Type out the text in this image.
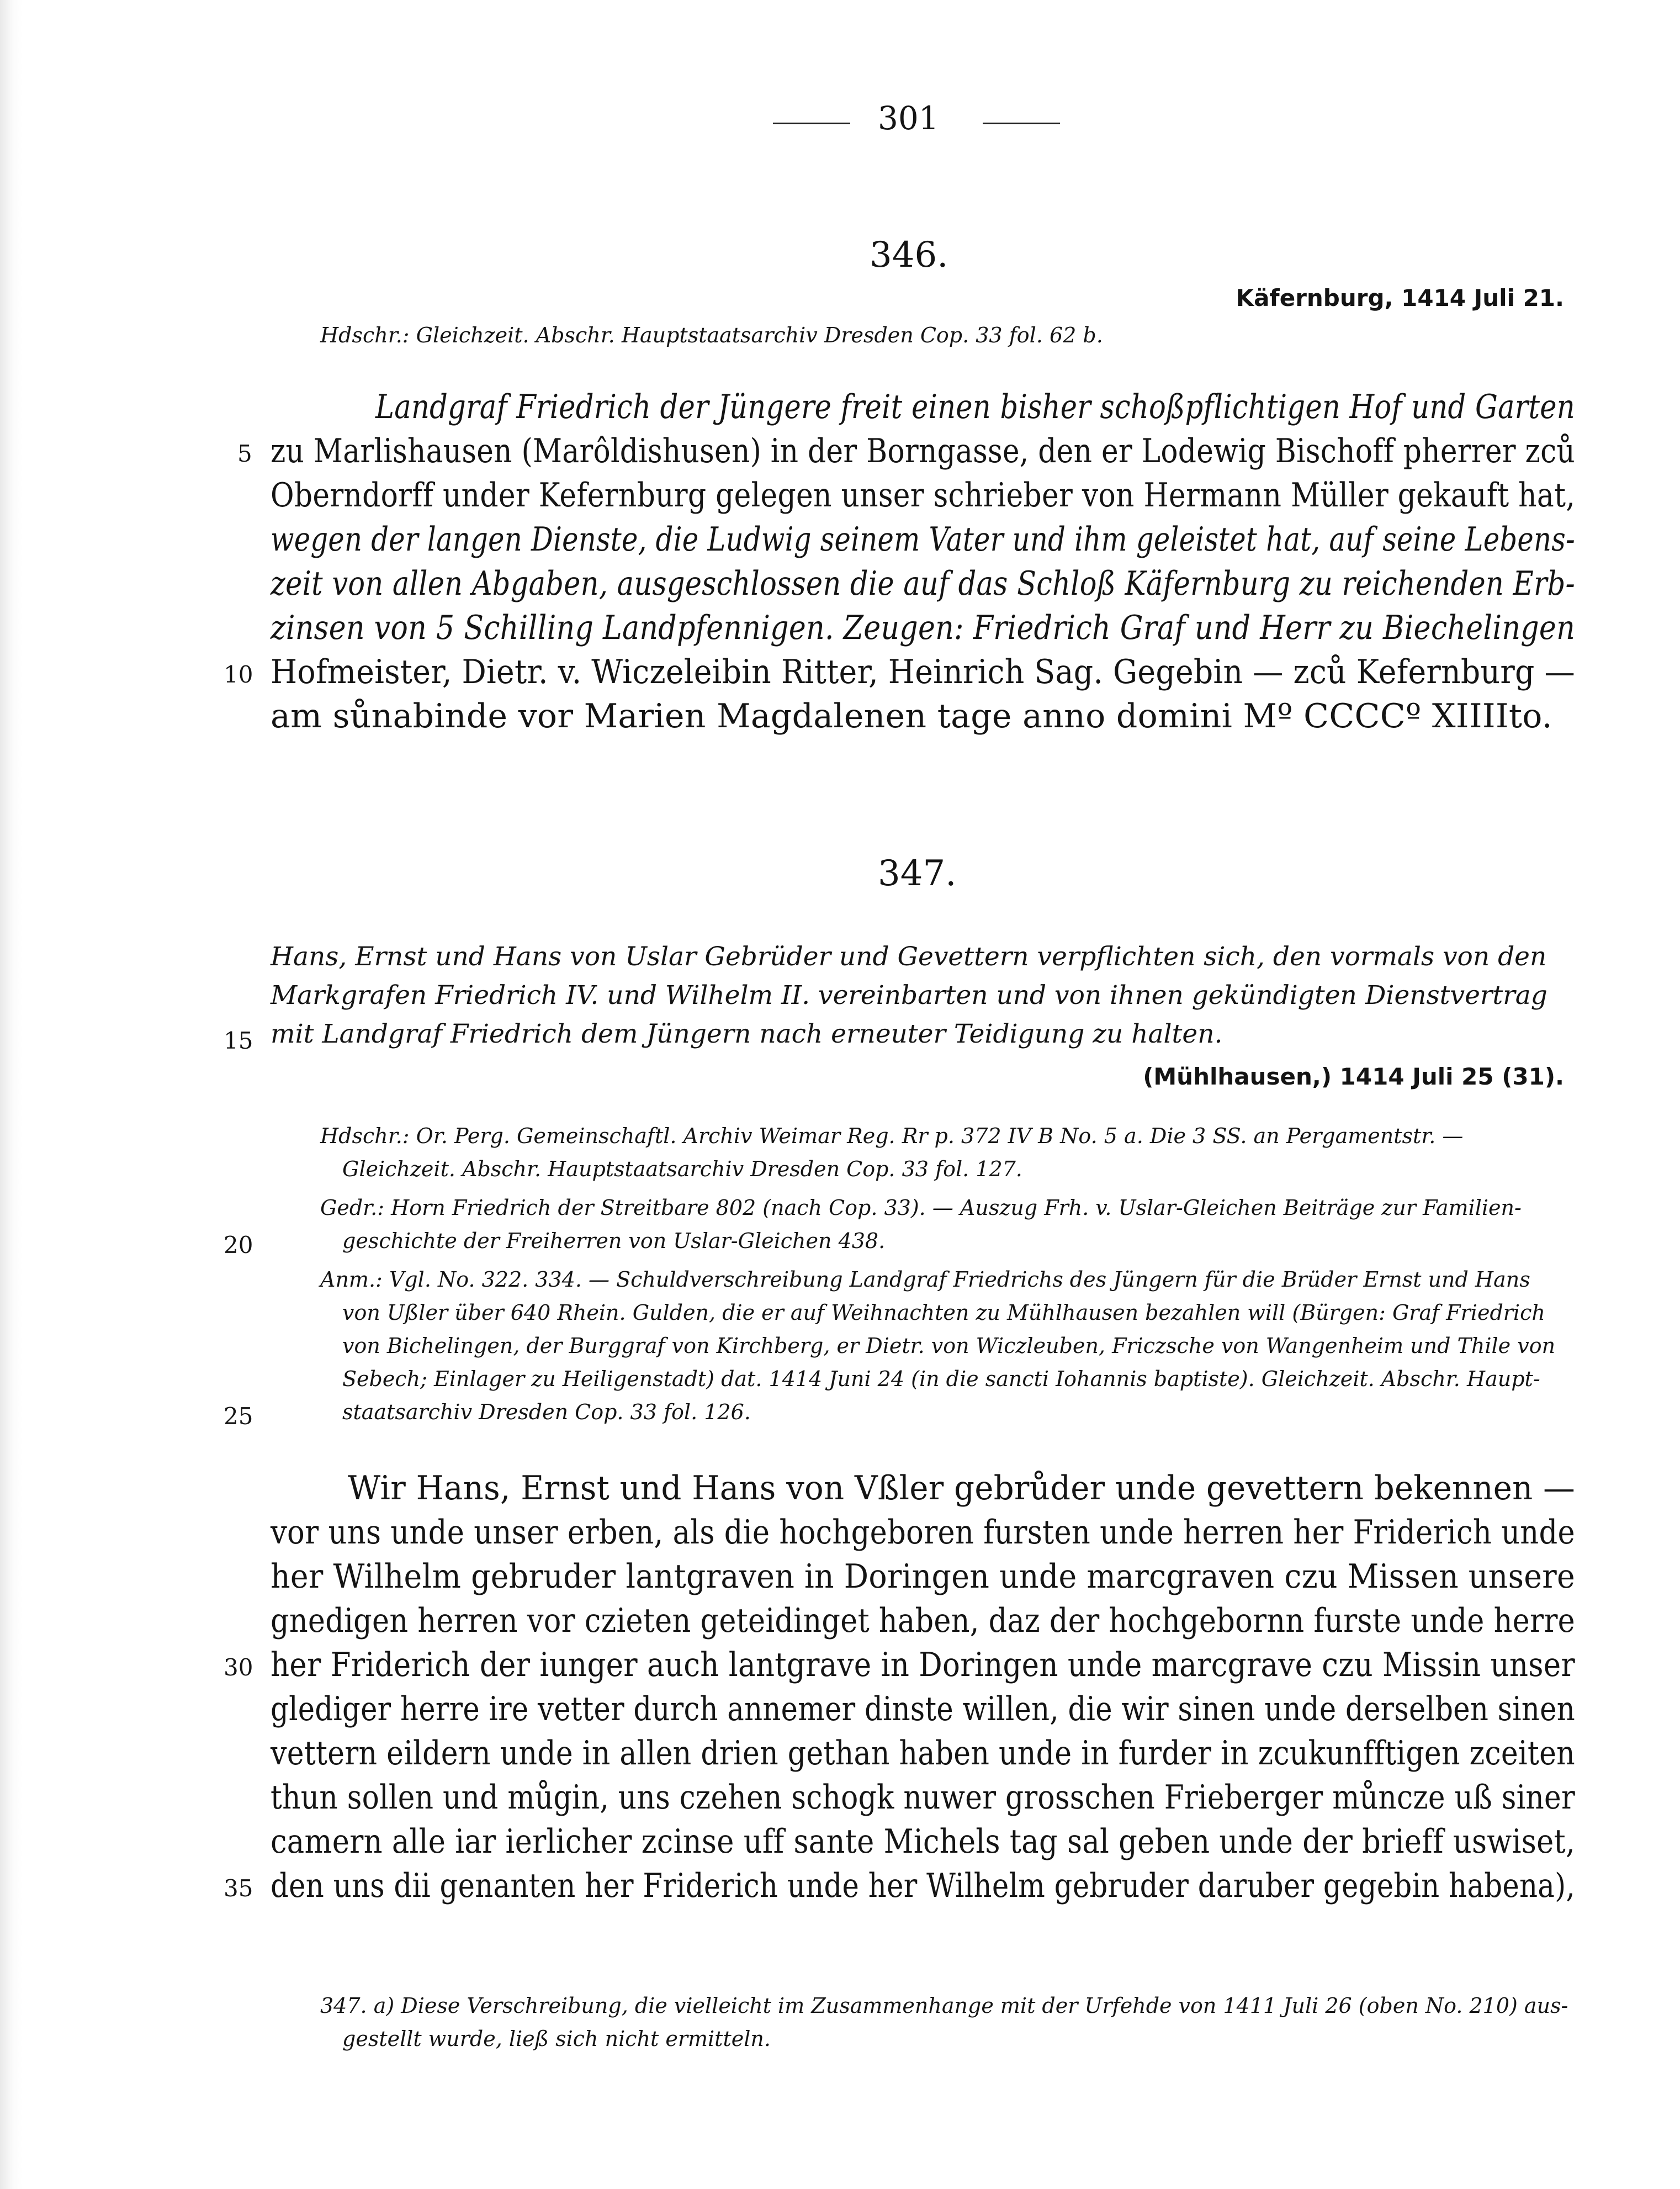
301
346.
Käfernburg, 1414 Juli 21.
Hdschr.: Gleichzeit. Abschr. Hauptstaatsarchiv Dresden Cop. 33 fol. 62 b.
Landgraf Friedrich der Jüngere freit einen bisher schoßpflichtigen Hof und Garten
5 zu Marlishausen (Marôldishusen) in der Borngasse, den er Lodewig Bischoff pherrer zců
Oberndorff under Kefernburg gelegen unser schrieber von Hermann Müller gekauft hat,
wegen der langen Dienste, die Ludwig seinem Vater und ihm geleistet hat, auf seine Lebens-
zeit von allen Abgaben, ausgeschlossen die auf das Schloß Käfernburg zu reichenden Erb-
zinsen von 5 Schilling Landpfennigen. Zeugen: Friedrich Graf und Herr zu Biechelingen
10 Hofmeister, Dietr. v. Wiczeleibin Ritter, Heinrich Sag. Gegebin — zců Kefernburg —
am sůnabinde vor Marien Magdalenen tage anno domini Mº CCCCº XIIIIto.
347.
Hans, Ernst und Hans von Uslar Gebrüder und Gevettern verpflichten sich, den vormals von den
Markgrafen Friedrich IV. und Wilhelm II. vereinbarten und von ihnen gekündigten Dienstvertrag
15 mit Landgraf Friedrich dem Jüngern nach erneuter Teidigung zu halten.
(Mühlhausen,) 1414 Juli 25 (31).
Hdschr.: Or. Perg. Gemeinschaftl. Archiv Weimar Reg. Rr p. 372 IV B No. 5 a. Die 3 SS. an Pergamentstr. —
Gleichzeit. Abschr. Hauptstaatsarchiv Dresden Cop. 33 fol. 127.
Gedr.: Horn Friedrich der Streitbare 802 (nach Cop. 33). — Auszug Frh. v. Uslar-Gleichen Beiträge zur Familien-
20	geschichte der Freiherren von Uslar-Gleichen 438.
Anm.: Vgl. No. 322. 334. — Schuldverschreibung Landgraf Friedrichs des Jüngern für die Brüder Ernst und Hans
von Ußler über 640 Rhein. Gulden, die er auf Weihnachten zu Mühlhausen bezahlen will (Bürgen: Graf Friedrich
von Bichelingen, der Burggraf von Kirchberg, er Dietr. von Wiczleuben, Friczsche von Wangenheim und Thile von
Sebech; Einlager zu Heiligenstadt) dat. 1414 Juni 24 (in die sancti Iohannis baptiste). Gleichzeit. Abschr. Haupt-
25	staatsarchiv Dresden Cop. 33 fol. 126.
Wir Hans, Ernst und Hans von Vßler gebrůder unde gevettern bekennen —
vor uns unde unser erben, als die hochgeboren fursten unde herren her Friderich unde
her Wilhelm gebruder lantgraven in Doringen unde marcgraven czu Missen unsere
gnedigen herren vor czieten geteidinget haben, daz der hochgebornn furste unde herre
30 her Friderich der iunger auch lantgrave in Doringen unde marcgrave czu Missin unser
glediger herre ire vetter durch annemer dinste willen, die wir sinen unde derselben sinen
vettern eildern unde in allen drien gethan haben unde in furder in zcukunfftigen zceiten
thun sollen und můgin, uns czehen schogk nuwer grosschen Frieberger můncze uß siner
camern alle iar ierlicher zcinse uff sante Michels tag sal geben unde der brieff uswiset,
35 den uns dii genanten her Friderich unde her Wilhelm gebruder daruber gegebin habena),
347. a) Diese Verschreibung, die vielleicht im Zusammenhange mit der Urfehde von 1411 Juli 26 (oben No. 210) aus-
gestellt wurde, ließ sich nicht ermitteln.
